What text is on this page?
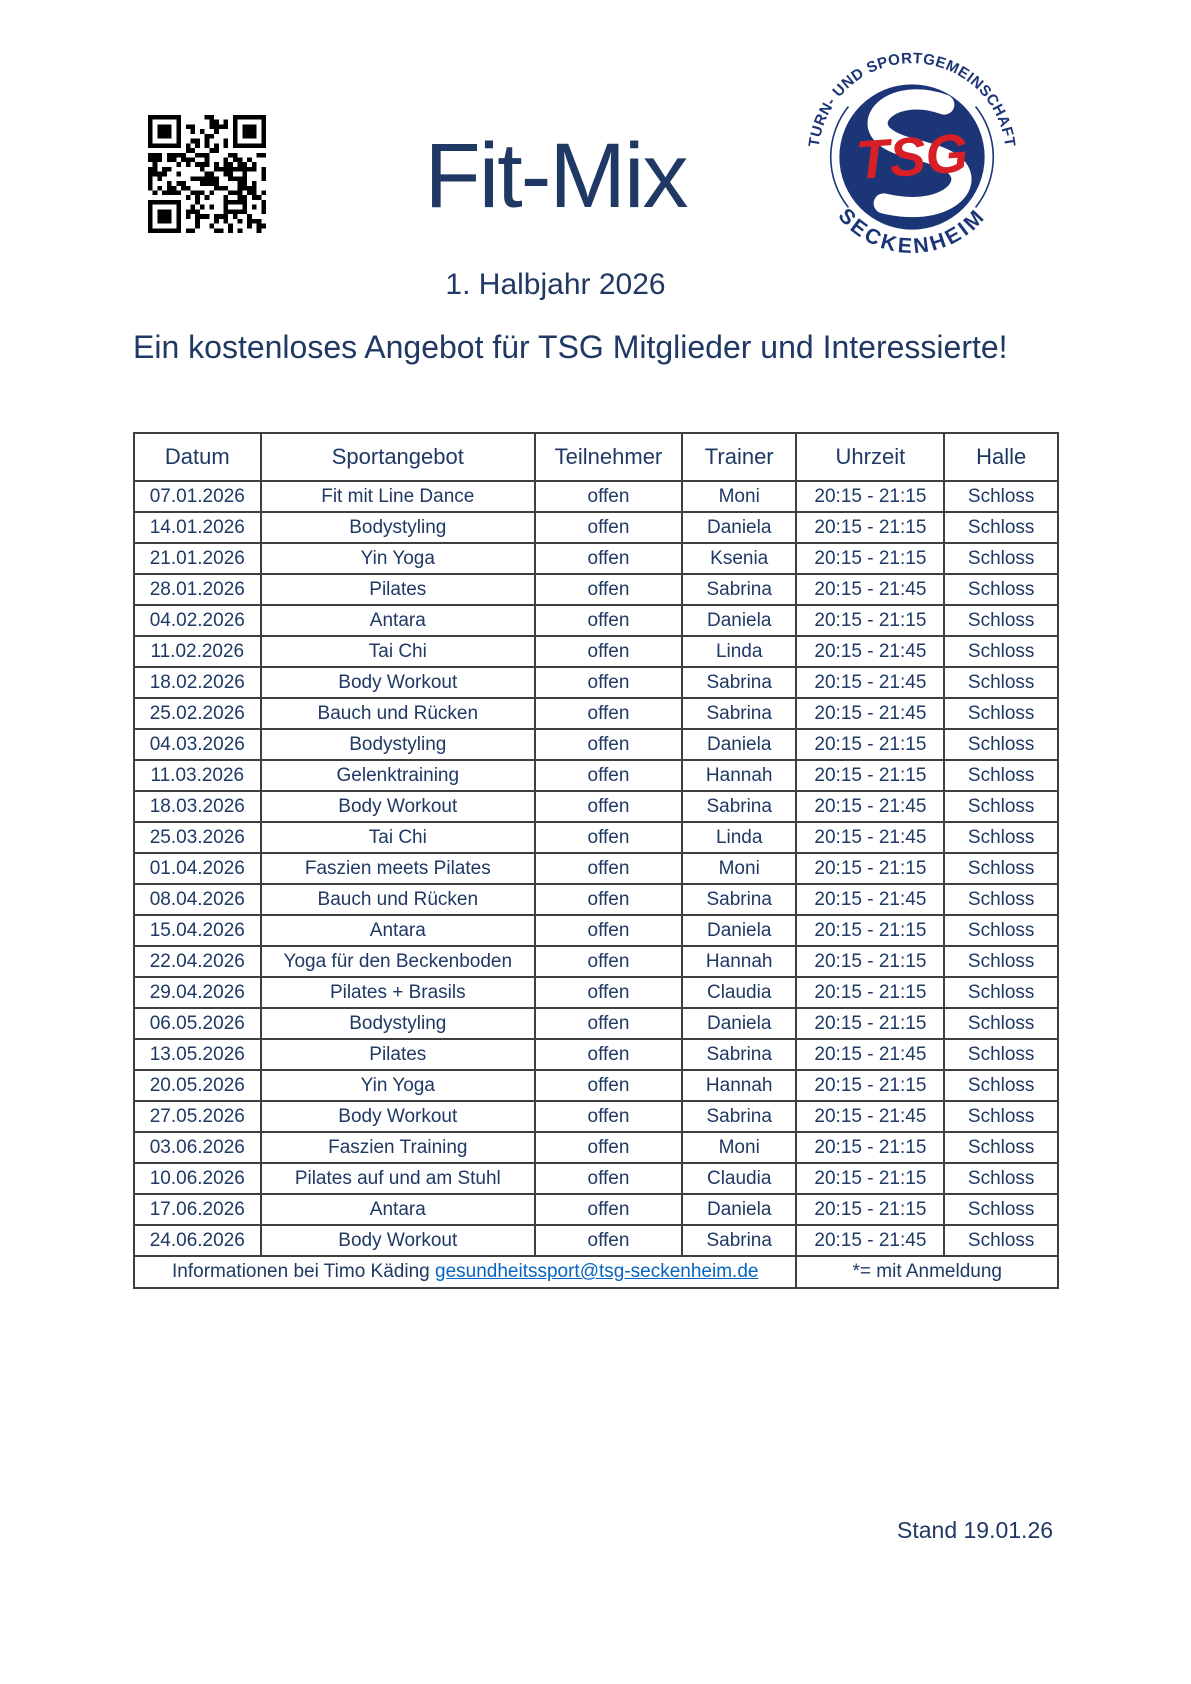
Fit-Mix	TURN- UND SPORTGEMEINSCHAFT
SECKENHEIM
TSG
1. Halbjahr 2026
Ein kostenloses Angebot für TSG Mitglieder und Interessierte!
Datum	Sportangebot	Teilnehmer	Trainer	Uhrzeit	Halle
07.01.2026	Fit mit Line Dance	offen	Moni	20:15 - 21:15	Schloss
14.01.2026	Bodystyling	offen	Daniela	20:15 - 21:15	Schloss
21.01.2026	Yin Yoga	offen	Ksenia	20:15 - 21:15	Schloss
28.01.2026	Pilates	offen	Sabrina	20:15 - 21:45	Schloss
04.02.2026	Antara	offen	Daniela	20:15 - 21:15	Schloss
11.02.2026	Tai Chi	offen	Linda	20:15 - 21:45	Schloss
18.02.2026	Body Workout	offen	Sabrina	20:15 - 21:45	Schloss
25.02.2026	Bauch und Rücken	offen	Sabrina	20:15 - 21:45	Schloss
04.03.2026	Bodystyling	offen	Daniela	20:15 - 21:15	Schloss
11.03.2026	Gelenktraining	offen	Hannah	20:15 - 21:15	Schloss
18.03.2026	Body Workout	offen	Sabrina	20:15 - 21:45	Schloss
25.03.2026	Tai Chi	offen	Linda	20:15 - 21:45	Schloss
01.04.2026	Faszien meets Pilates	offen	Moni	20:15 - 21:15	Schloss
08.04.2026	Bauch und Rücken	offen	Sabrina	20:15 - 21:45	Schloss
15.04.2026	Antara	offen	Daniela	20:15 - 21:15	Schloss
22.04.2026	Yoga für den Beckenboden	offen	Hannah	20:15 - 21:15	Schloss
29.04.2026	Pilates + Brasils	offen	Claudia	20:15 - 21:15	Schloss
06.05.2026	Bodystyling	offen	Daniela	20:15 - 21:15	Schloss
13.05.2026	Pilates	offen	Sabrina	20:15 - 21:45	Schloss
20.05.2026	Yin Yoga	offen	Hannah	20:15 - 21:15	Schloss
27.05.2026	Body Workout	offen	Sabrina	20:15 - 21:45	Schloss
03.06.2026	Faszien Training	offen	Moni	20:15 - 21:15	Schloss
10.06.2026	Pilates auf und am Stuhl	offen	Claudia	20:15 - 21:15	Schloss
17.06.2026	Antara	offen	Daniela	20:15 - 21:15	Schloss
24.06.2026	Body Workout	offen	Sabrina	20:15 - 21:45	Schloss
Informationen bei Timo Käding gesundheitssport@tsg-seckenheim.de				*= mit Anmeldung	
Stand 19.01.26
